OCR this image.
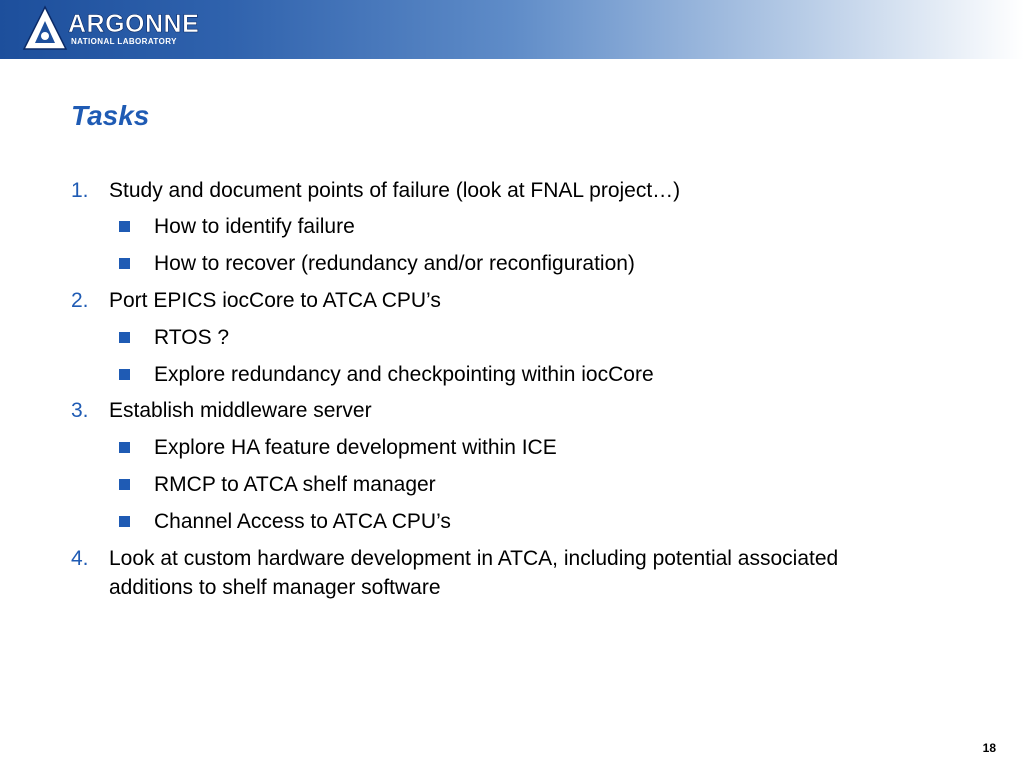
ARGONNE
NATIONAL LABORATORY
Tasks
1. Study and document points of failure (look at FNAL project…)
How to identify failure
How to recover (redundancy and/or reconfiguration)
2. Port EPICS iocCore to ATCA CPU’s
RTOS ?
Explore redundancy and checkpointing within iocCore
3. Establish middleware server
Explore HA feature development within ICE
RMCP to ATCA shelf manager
Channel Access to ATCA CPU’s
4. Look at custom hardware development in ATCA, including potential associated additions to shelf manager software
18
